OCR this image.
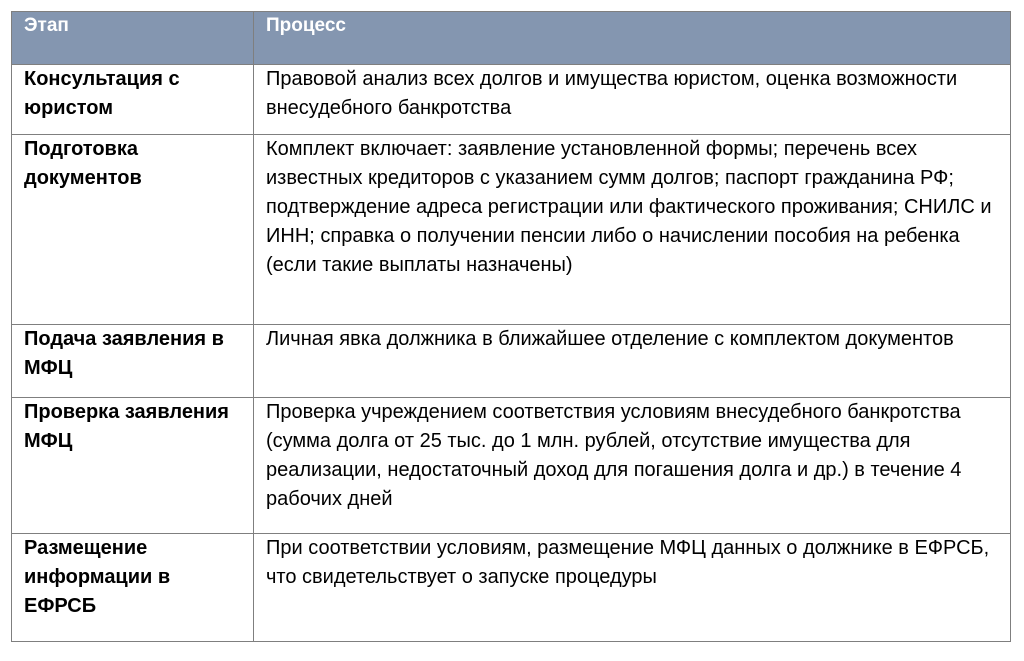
Этап	Процесс
Консультация с юристом	Правовой анализ всех долгов и имущества юристом, оценка возможности внесудебного банкротства
Подготовка документов	Комплект включает: заявление установленной формы; перечень всех известных кредиторов с указанием сумм долгов; паспорт гражданина РФ; подтверждение адреса регистрации или фактического проживания; СНИЛС и ИНН; справка о получении пенсии либо о начислении пособия на ребенка (если такие выплаты назначены)
Подача заявления в МФЦ	Личная явка должника в ближайшее отделение с комплектом документов
Проверка заявления МФЦ	Проверка учреждением соответствия условиям внесудебного банкротства (сумма долга от 25 тыс. до 1 млн. рублей, отсутствие имущества для реализации, недостаточный доход для погашения долга и др.) в течение 4 рабочих дней
Размещение информации в ЕФРСБ	При соответствии условиям, размещение МФЦ данных о должнике в ЕФРСБ, что свидетельствует о запуске процедуры
